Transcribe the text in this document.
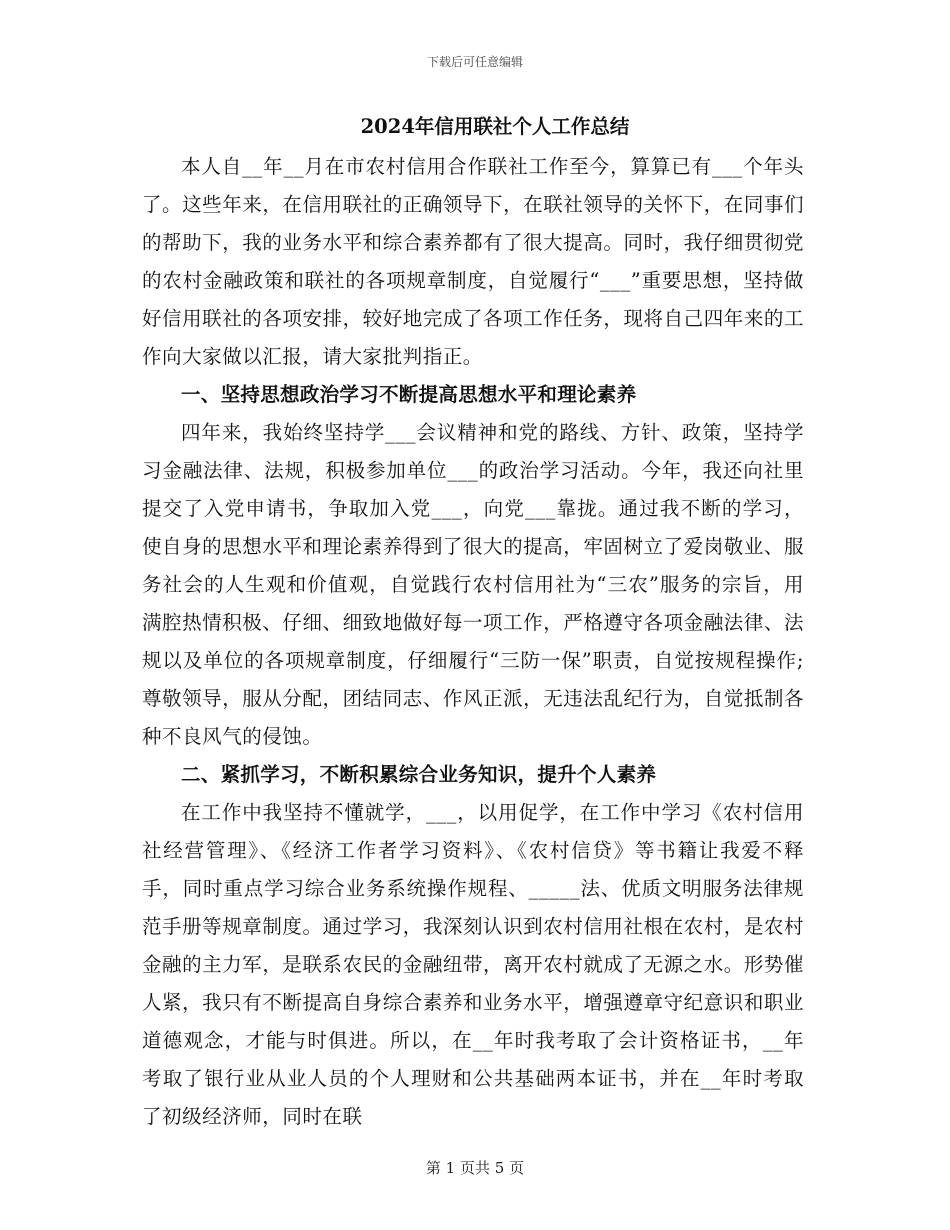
下载后可任意编辑
2024年信用联社个人工作总结

本人自__年__月在市农村信用合作联社工作至今，算算已有___个年头了。这些年来，在信用联社的正确领导下，在联社领导的关怀下，在同事们的帮助下，我的业务水平和综合素养都有了很大提高。同时，我仔细贯彻党的农村金融政策和联社的各项规章制度，自觉履行“___”重要思想，坚持做好信用联社的各项安排，较好地完成了各项工作任务，现将自己四年来的工作向大家做以汇报，请大家批判指正。

一、坚持思想政治学习不断提高思想水平和理论素养

四年来，我始终坚持学___会议精神和党的路线、方针、政策，坚持学习金融法律、法规，积极参加单位___的政治学习活动。今年，我还向社里提交了入党申请书，争取加入党___，向党___靠拢。通过我不断的学习，使自身的思想水平和理论素养得到了很大的提高，牢固树立了爱岗敬业、服务社会的人生观和价值观，自觉践行农村信用社为“三农”服务的宗旨，用满腔热情积极、仔细、细致地做好每一项工作，严格遵守各项金融法律、法规以及单位的各项规章制度，仔细履行“三防一保”职责，自觉按规程操作;尊敬领导，服从分配，团结同志、作风正派，无违法乱纪行为，自觉抵制各种不良风气的侵蚀。

二、紧抓学习，不断积累综合业务知识，提升个人素养

在工作中我坚持不懂就学，___，以用促学，在工作中学习《农村信用社经营管理》、《经济工作者学习资料》、《农村信贷》等书籍让我爱不释手，同时重点学习综合业务系统操作规程、_____法、优质文明服务法律规范手册等规章制度。通过学习，我深刻认识到农村信用社根在农村，是农村金融的主力军，是联系农民的金融纽带，离开农村就成了无源之水。形势催人紧，我只有不断提高自身综合素养和业务水平，增强遵章守纪意识和职业道德观念，才能与时俱进。所以，在__年时我考取了会计资格证书，__年考取了银行业从业人员的个人理财和公共基础两本证书，并在__年时考取了初级经济师，同时在联

第 1 页共 5 页
